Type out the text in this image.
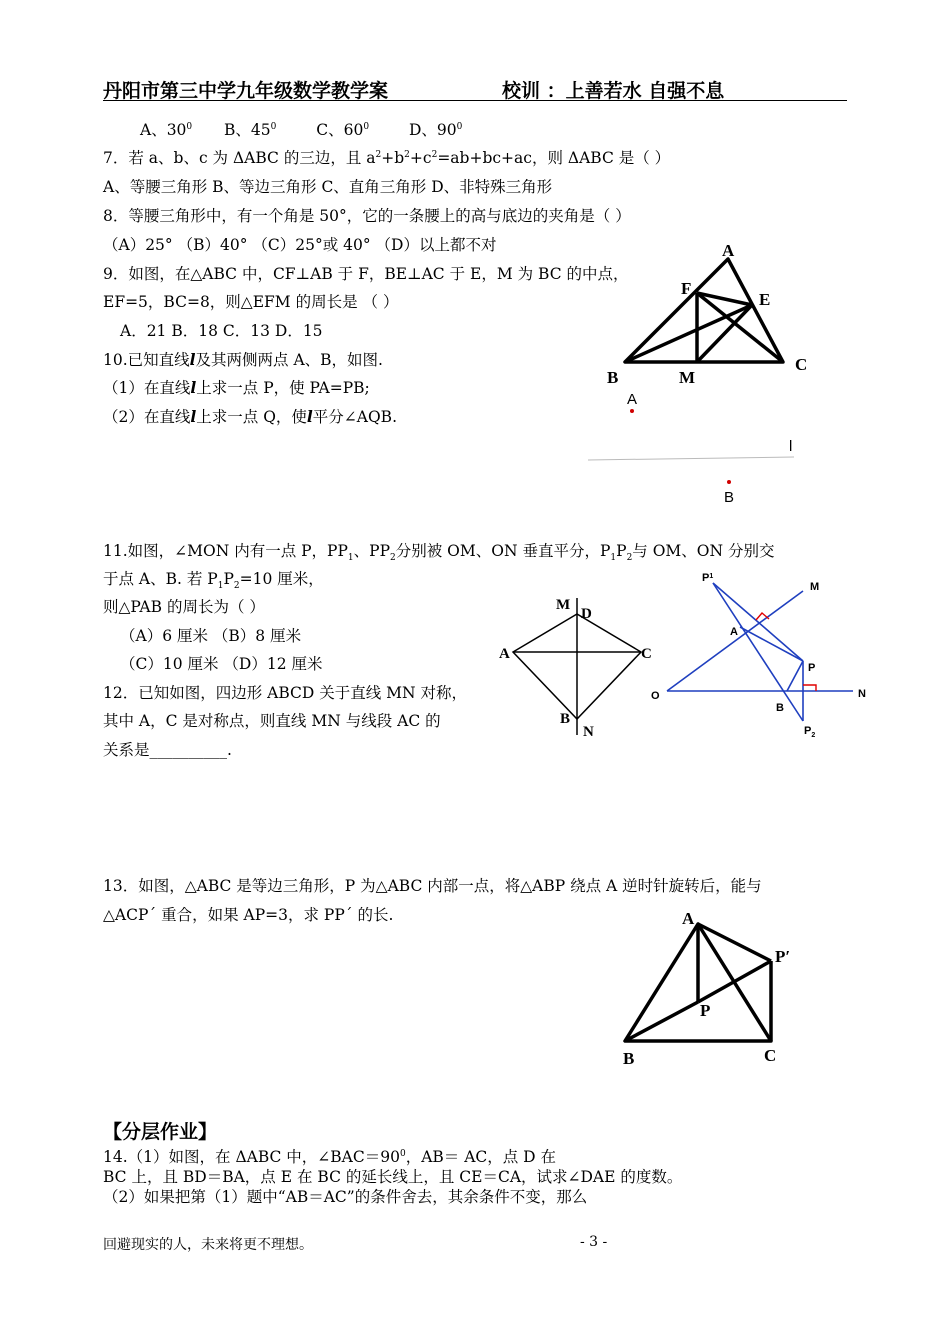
丹阳市第三中学九年级数学教学案	校训 ：上善若水 自强不息
A、$30^0$ B、$45^0$	C、$60^0$	D、$90^0$
7．若 a、b、c 为 ΔABC 的三边，且 $a^2+b^2+c^2=ab+bc+ac$，则 ΔABC 是（ ）
A、等腰三角形 B、等边三角形 C、直角三角形 D、非特殊三角形
8．等腰三角形中，有一个角是 50°，它的一条腰上的高与底边的夹角是（ ）
（A）25° （B）40° （C）25°或 40° （D）以上都不对
9．如图，在△ABC 中，CF⊥AB 于 F，BE⊥AC 于 E，M 为 BC 的中点，
EF=5，BC=8，则△EFM 的周长是 （ ）
A．21 B．18 C．13 D．15
A
F
E
B	M
C
10.已知直线l及其两侧两点 A、B，如图.
（1）在直线l上求一点 P，使 PA=PB;
（2）在直线l上求一点 Q，使l平分∠AQB.
A
l
B
11.如图，∠MON 内有一点 P，$PP_1$、$PP_2$分别被 OM、ON 垂直平分，$P_1P_2$与 OM、ON 分别交
于点 A、B. 若 $P_1P_2=10$ 厘米，
则△PAB 的周长为（ ）
（A）6 厘米 （B）8 厘米
（C）10 厘米 （D）12 厘米
12．已知如图，四边形 ABCD 关于直线 MN 对称，
其中 A，C 是对称点，则直线 MN 与线段 AC 的
关系是__________.
M
D
A	C
B
N
$P^1$
M
A
P
O
B
N
$P_2$
13．如图，△ABC 是等边三角形，P 为△ABC 内部一点，将△ABP 绕点 A 逆时针旋转后，能与
△ACP´ 重合，如果 AP=3，求 PP´ 的长.	A
P′
P
B	C
【分层作业】
14.（1）如图，在 ΔABC 中，$\angle BAC=90^0$，AB＝ AC，点 D 在
BC 上，且 BD＝BA，点 E 在 BC 的延长线上，且 CE＝CA，试求∠DAE 的度数。
（2）如果把第（1）题中“AB＝AC”的条件舍去，其余条件不变，那么
回避现实的人，未来将更不理想。	- 3 -
